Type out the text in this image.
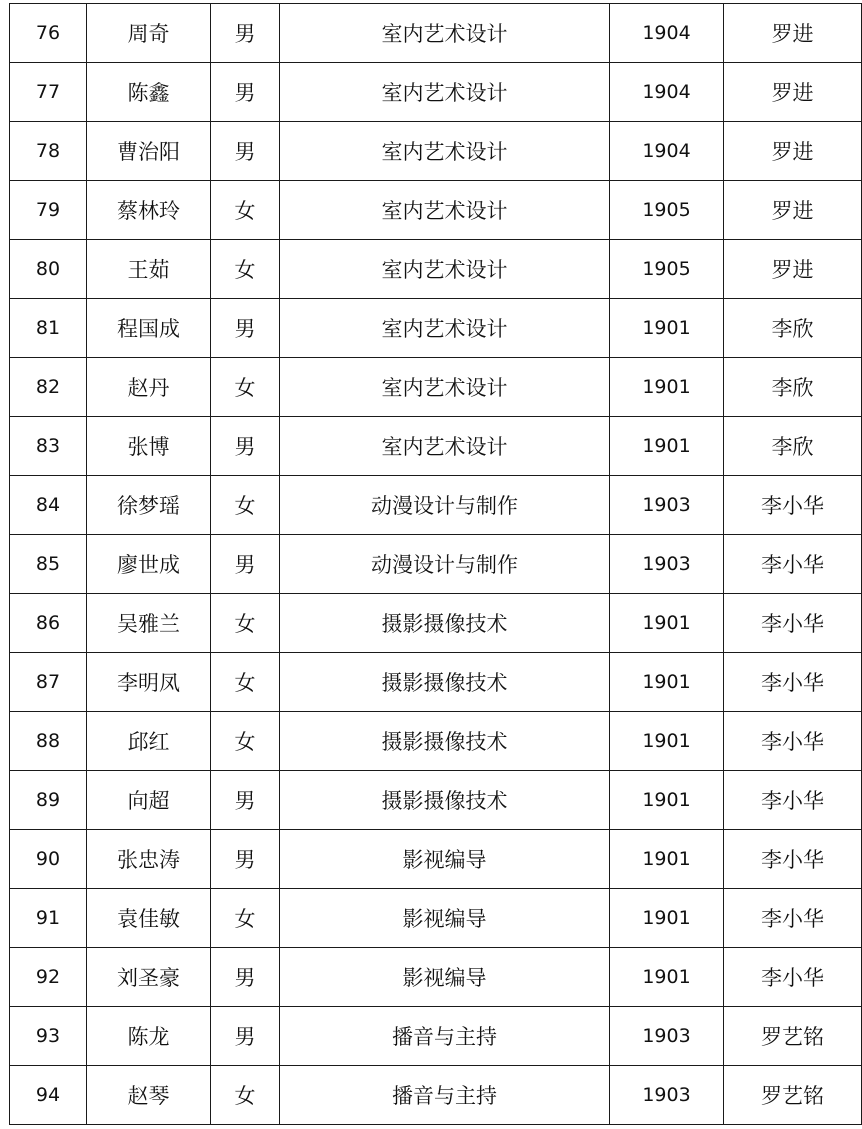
76	周奇	男	室内艺术设计	1904	罗进
77	陈鑫	男	室内艺术设计	1904	罗进
78	曹治阳	男	室内艺术设计	1904	罗进
79	蔡林玲	女	室内艺术设计	1905	罗进
80	王茹	女	室内艺术设计	1905	罗进
81	程国成	男	室内艺术设计	1901	李欣
82	赵丹	女	室内艺术设计	1901	李欣
83	张博	男	室内艺术设计	1901	李欣
84	徐梦瑶	女	动漫设计与制作	1903	李小华
85	廖世成	男	动漫设计与制作	1903	李小华
86	吴雅兰	女	摄影摄像技术	1901	李小华
87	李明凤	女	摄影摄像技术	1901	李小华
88	邱红	女	摄影摄像技术	1901	李小华
89	向超	男	摄影摄像技术	1901	李小华
90	张忠涛	男	影视编导	1901	李小华
91	袁佳敏	女	影视编导	1901	李小华
92	刘圣豪	男	影视编导	1901	李小华
93	陈龙	男	播音与主持	1903	罗艺铭
94	赵琴	女	播音与主持	1903	罗艺铭
